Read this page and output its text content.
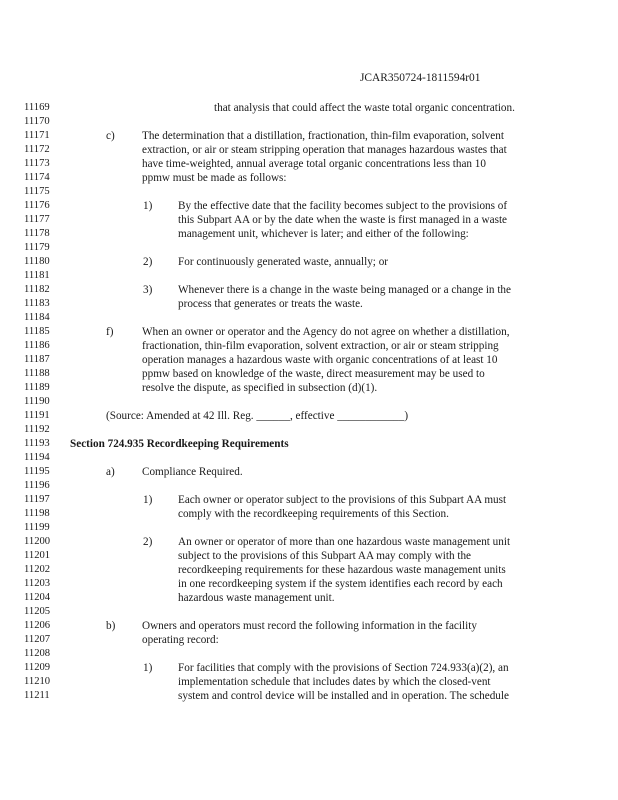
JCAR350724-1811594r01
11169
11170
11171
11172
11173
11174
11175
11176
11177
11178
11179
11180
11181
11182
11183
11184
11185
11186
11187
11188
11189
11190
11191
11192
11193
11194
11195
11196
11197
11198
11199
11200
11201
11202
11203
11204
11205
11206
11207
11208
11209
11210
11211
that analysis that could affect the waste total organic concentration.
c) The determination that a distillation, fractionation, thin-film evaporation, solvent
extraction, or air or steam stripping operation that manages hazardous wastes that
have time-weighted, annual average total organic concentrations less than 10
ppmw must be made as follows:
1) By the effective date that the facility becomes subject to the provisions of
this Subpart AA or by the date when the waste is first managed in a waste
management unit, whichever is later; and either of the following:
2) For continuously generated waste, annually; or
3) Whenever there is a change in the waste being managed or a change in the
process that generates or treats the waste.
f)	When an owner or operator and the Agency do not agree on whether a distillation,
fractionation, thin-film evaporation, solvent extraction, or air or steam stripping
operation manages a hazardous waste with organic concentrations of at least 10
ppmw based on knowledge of the waste, direct measurement may be used to
resolve the dispute, as specified in subsection (d)(1).
(Source: Amended at 42 Ill. Reg. ______, effective ____________)
Section 724.935 Recordkeeping Requirements
a) Compliance Required.
1) Each owner or operator subject to the provisions of this Subpart AA must
comply with the recordkeeping requirements of this Section.
2) An owner or operator of more than one hazardous waste management unit
subject to the provisions of this Subpart AA may comply with the
recordkeeping requirements for these hazardous waste management units
in one recordkeeping system if the system identifies each record by each
hazardous waste management unit.
b) Owners and operators must record the following information in the facility
operating record:
1) For facilities that comply with the provisions of Section 724.933(a)(2), an
implementation schedule that includes dates by which the closed-vent
system and control device will be installed and in operation. The schedule
